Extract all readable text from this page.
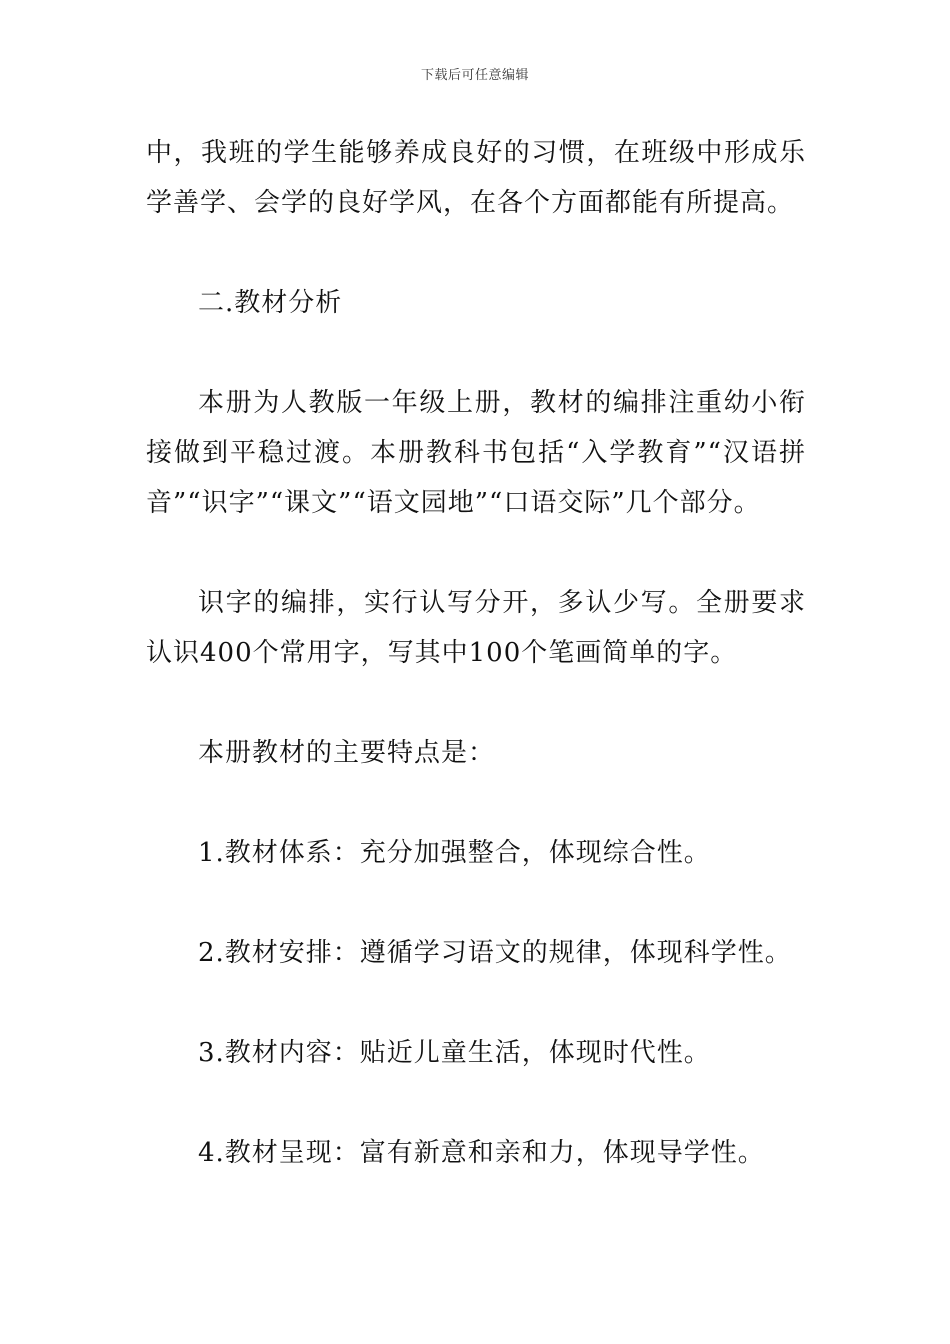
下载后可任意编辑

中，我班的学生能够养成良好的习惯，在班级中形成乐学善学、会学的良好学风，在各个方面都能有所提高。

二.教材分析

本册为人教版一年级上册，教材的编排注重幼小衔接做到平稳过渡。本册教科书包括“入学教育”“汉语拼音”“识字”“课文”“语文园地”“口语交际”几个部分。

识字的编排，实行认写分开，多认少写。全册要求认识400个常用字，写其中100个笔画简单的字。

本册教材的主要特点是：

1.教材体系：充分加强整合，体现综合性。

2.教材安排：遵循学习语文的规律，体现科学性。

3.教材内容：贴近儿童生活，体现时代性。

4.教材呈现：富有新意和亲和力，体现导学性。
